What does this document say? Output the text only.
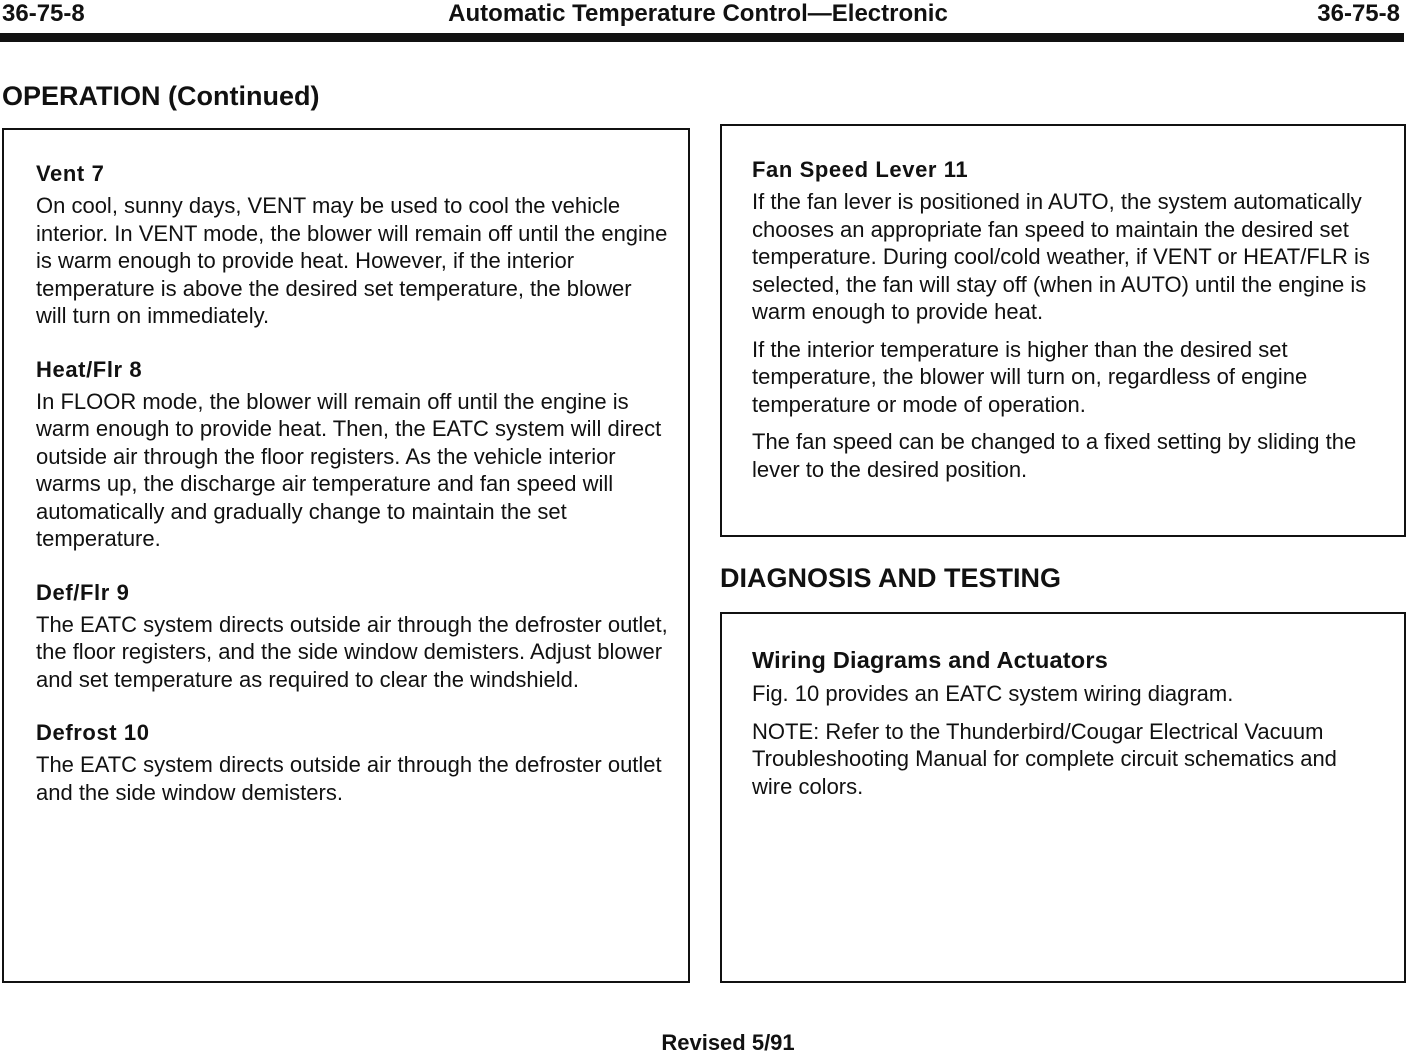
36-75-8	Automatic Temperature Control—Electronic	36-75-8
OPERATION (Continued)
Vent 7

On cool, sunny days, VENT may be used to cool the vehicle interior. In VENT mode, the blower will remain off until the engine is warm enough to provide heat. However, if the interior temperature is above the desired set temperature, the blower will turn on immediately.

Heat/Flr 8

In FLOOR mode, the blower will remain off until the engine is warm enough to provide heat. Then, the EATC system will direct outside air through the floor registers. As the vehicle interior warms up, the discharge air temperature and fan speed will automatically and gradually change to maintain the set temperature.

Def/Flr 9

The EATC system directs outside air through the defroster outlet, the floor registers, and the side window demisters. Adjust blower and set temperature as required to clear the windshield.

Defrost 10

The EATC system directs outside air through the defroster outlet and the side window demisters.

Fan Speed Lever 11

If the fan lever is positioned in AUTO, the system automatically chooses an appropriate fan speed to maintain the desired set temperature. During cool/cold weather, if VENT or HEAT/FLR is selected, the fan will stay off (when in AUTO) until the engine is warm enough to provide heat.

If the interior temperature is higher than the desired set temperature, the blower will turn on, regardless of engine temperature or mode of operation.

The fan speed can be changed to a fixed setting by sliding the lever to the desired position.

DIAGNOSIS AND TESTING
Wiring Diagrams and Actuators

Fig. 10 provides an EATC system wiring diagram.

NOTE: Refer to the Thunderbird/Cougar Electrical Vacuum Troubleshooting Manual for complete circuit schematics and wire colors.

Revised 5/91
